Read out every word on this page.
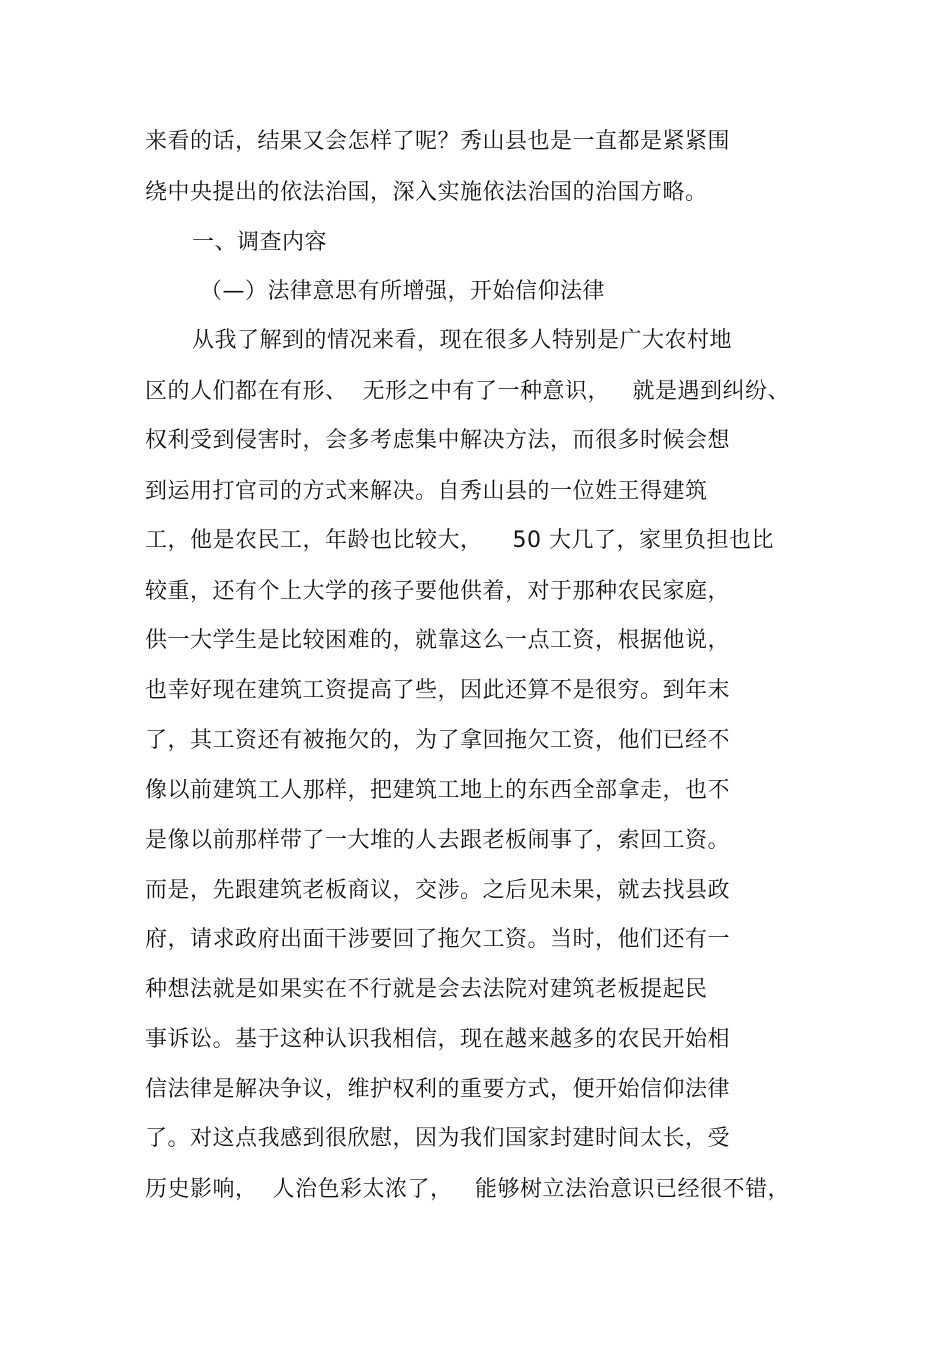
来看的话，结果又会怎样了呢？秀山县也是一直都是紧紧围
绕中央提出的依法治国，深入实施依法治国的治国方略。
一、调查内容
（—）法律意思有所增强，开始信仰法律
从我了解到的情况来看，现在很多人特别是广大农村地
区的人们都在有形、  无形之中有了一种意识，   就是遇到纠纷、
权利受到侵害时，会多考虑集中解决方法，而很多时候会想
到运用打官司的方式来解决。自秀山县的一位姓王得建筑
工，他是农民工，年龄也比较大，    50 大几了，家里负担也比
较重，还有个上大学的孩子要他供着，对于那种农民家庭，
供一大学生是比较困难的，就靠这么一点工资，根据他说，
也幸好现在建筑工资提高了些，因此还算不是很穷。到年末
了，其工资还有被拖欠的，为了拿回拖欠工资，他们已经不
像以前建筑工人那样，把建筑工地上的东西全部拿走，也不
是像以前那样带了一大堆的人去跟老板闹事了，索回工资。
而是，先跟建筑老板商议，交涉。之后见未果，就去找县政
府，请求政府出面干涉要回了拖欠工资。当时，他们还有一
种想法就是如果实在不行就是会去法院对建筑老板提起民
事诉讼。基于这种认识我相信，现在越来越多的农民开始相
信法律是解决争议，维护权利的重要方式，便开始信仰法律
了。对这点我感到很欣慰，因为我们国家封建时间太长，受
历史影响，  人治色彩太浓了，   能够树立法治意识已经很不错，
